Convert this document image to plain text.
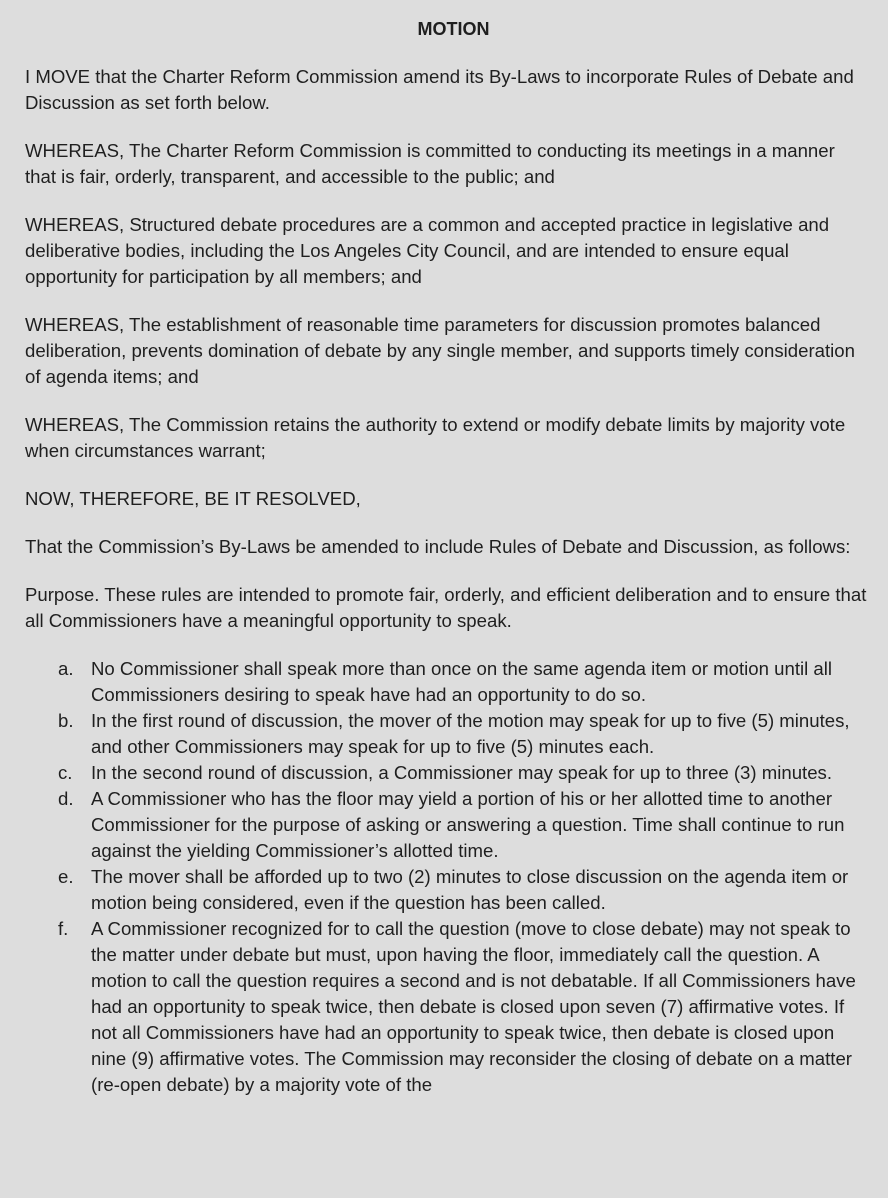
MOTION

I MOVE that the Charter Reform Commission amend its By-Laws to incorporate Rules of Debate and Discussion as set forth below.

WHEREAS, The Charter Reform Commission is committed to conducting its meetings in a manner that is fair, orderly, transparent, and accessible to the public; and

WHEREAS, Structured debate procedures are a common and accepted practice in legislative and deliberative bodies, including the Los Angeles City Council, and are intended to ensure equal opportunity for participation by all members; and

WHEREAS, The establishment of reasonable time parameters for discussion promotes balanced deliberation, prevents domination of debate by any single member, and supports timely consideration of agenda items; and

WHEREAS, The Commission retains the authority to extend or modify debate limits by majority vote when circumstances warrant;

NOW, THEREFORE, BE IT RESOLVED,

That the Commission’s By-Laws be amended to include Rules of Debate and Discussion, as follows:

Purpose. These rules are intended to promote fair, orderly, and efficient deliberation and to ensure that all Commissioners have a meaningful opportunity to speak.

a. No Commissioner shall speak more than once on the same agenda item or motion until all Commissioners desiring to speak have had an opportunity to do so.
b. In the first round of discussion, the mover of the motion may speak for up to five (5) minutes, and other Commissioners may speak for up to five (5) minutes each.
c. In the second round of discussion, a Commissioner may speak for up to three (3) minutes.
d. A Commissioner who has the floor may yield a portion of his or her allotted time to another Commissioner for the purpose of asking or answering a question. Time shall continue to run against the yielding Commissioner’s allotted time.
e. The mover shall be afforded up to two (2) minutes to close discussion on the agenda item or motion being considered, even if the question has been called.
f. A Commissioner recognized for to call the question (move to close debate) may not speak to the matter under debate but must, upon having the floor, immediately call the question. A motion to call the question requires a second and is not debatable. If all Commissioners have had an opportunity to speak twice, then debate is closed upon seven (7) affirmative votes. If not all Commissioners have had an opportunity to speak twice, then debate is closed upon nine (9) affirmative votes. The Commission may reconsider the closing of debate on a matter (re-open debate) by a majority vote of the
